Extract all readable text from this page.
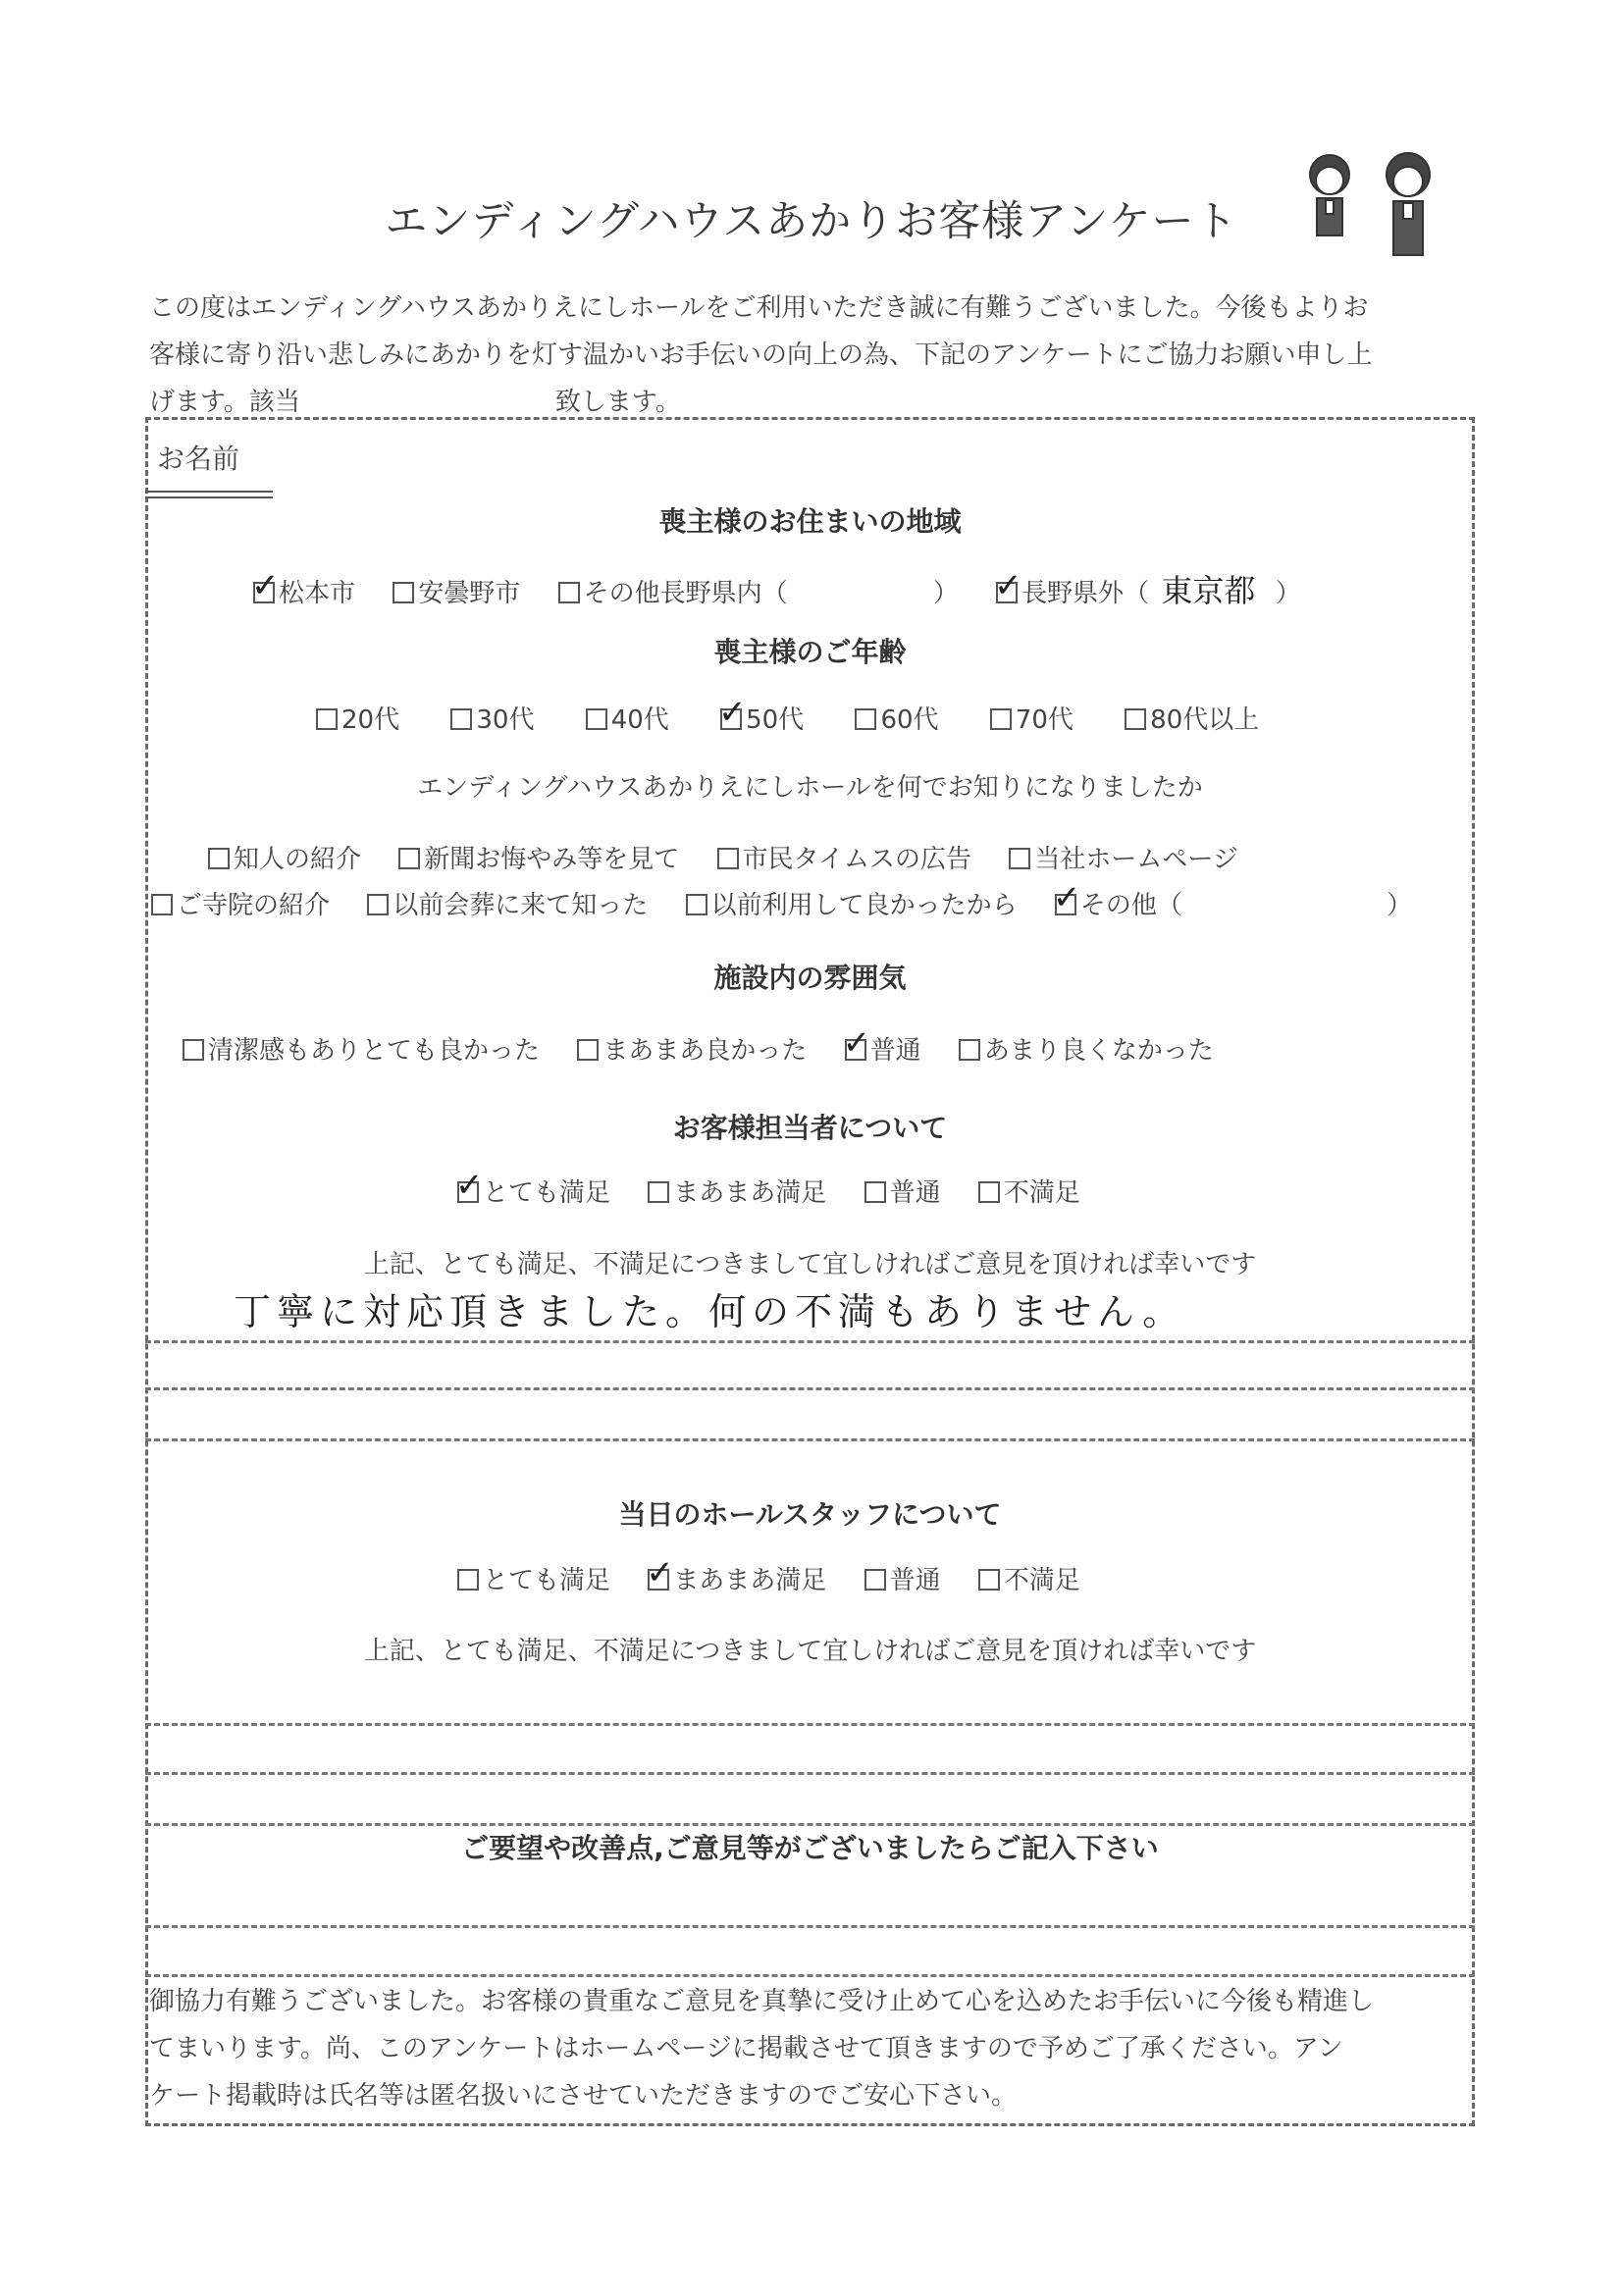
エンディングハウスあかりお客様アンケート
この度はエンディングハウスあかりえにしホールをご利用いただき誠に有難うございました。今後もよりお
客様に寄り沿い悲しみにあかりを灯す温かいお手伝いの向上の為、下記のアンケートにご協力お願い申し上
げます。該当　　　　　　　　　　致します。
お名前
喪主様のお住まいの地域
✓ 松本市 安曇野市 その他長野県内（	） ✓ 長野県外（ 東京都 ）
喪主様のご年齢
20代	30代	40代 ✓ 50代	60代	70代	80代以上
エンディングハウスあかりえにしホールを何でお知りになりましたか
知人の紹介 新聞お悔やみ等を見て 市民タイムスの広告 当社ホームページ
ご寺院の紹介 以前会葬に来て知った 以前利用して良かったから ✓ その他（	）
施設内の雰囲気
清潔感もありとても良かった まあまあ良かった ✓ 普通 あまり良くなかった
お客様担当者について
✓ とても満足 まあまあ満足 普通 不満足
上記、とても満足、不満足につきまして宜しければご意見を頂ければ幸いです
丁寧に対応頂きました。何の不満もありません。
当日のホールスタッフについて
とても満足 ✓ まあまあ満足 普通 不満足
上記、とても満足、不満足につきまして宜しければご意見を頂ければ幸いです
ご要望や改善点,ご意見等がございましたらご記入下さい
御協力有難うございました。お客様の貴重なご意見を真摯に受け止めて心を込めたお手伝いに今後も精進し
てまいります。尚、このアンケートはホームページに掲載させて頂きますので予めご了承ください。アン
ケート掲載時は氏名等は匿名扱いにさせていただきますのでご安心下さい。
